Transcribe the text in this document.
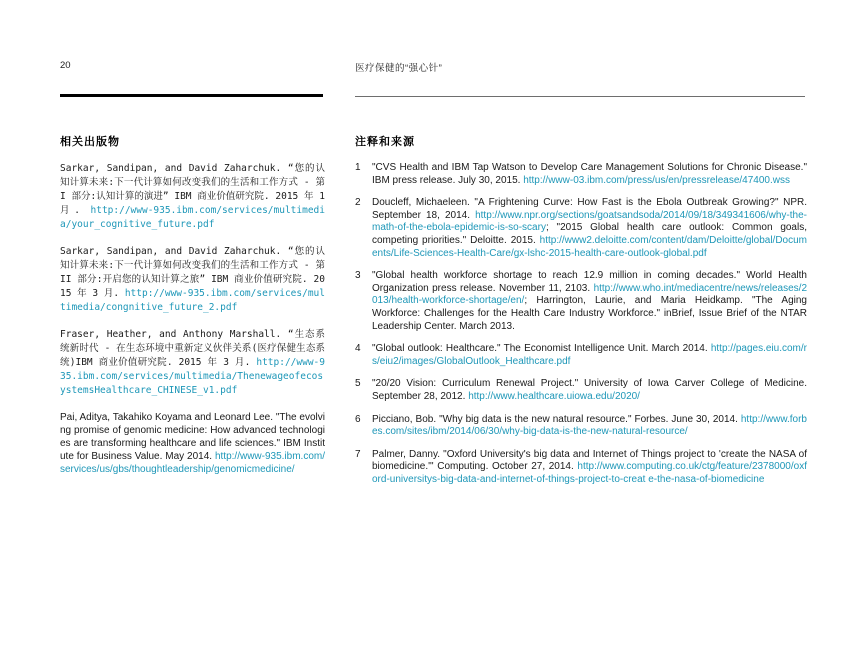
20	医疗保健的“强心针”
相关出版物

Sarkar, Sandipan, and David Zaharchuk. “您的认知计算未来:下一代计算如何改变我们的生活和工作方式 - 第 I 部分:认知计算的演进” IBM 商业价值研究院. 2015 年 1 月. http://www-935.ibm.com/services/multimedia/your_cognitive_future.pdf

Sarkar, Sandipan, and David Zaharchuk. “您的认知计算未来:下一代计算如何改变我们的生活和工作方式 - 第 II 部分:开启您的认知计算之旅” IBM 商业价值研究院. 2015 年 3 月. http://www-935.ibm.com/services/multimedia/congnitive_future_2.pdf

Fraser, Heather, and Anthony Marshall. “生态系统新时代 - 在生态环境中重新定义伙伴关系(医疗保健生态系统)IBM 商业价值研究院. 2015 年 3 月. http://www-935.ibm.com/services/multimedia/ThenewageofecosystemsHealthcare_CHINESE_v1.pdf

Pai, Aditya, Takahiko Koyama and Leonard Lee. "The evolving promise of genomic medicine: How advanced technologies are transforming healthcare and life sciences." IBM Institute for Business Value. May 2014. http://www-935.ibm.com/services/us/gbs/thoughtleadership/genomicmedicine/

注释和来源
1	"CVS Health and IBM Tap Watson to Develop Care Management Solutions for Chronic Disease." IBM press release. July 30, 2015. http://www-03.ibm.com/press/us/en/pressrelease/47400.wss
2	Doucleff, Michaeleen. "A Frightening Curve: How Fast is the Ebola Outbreak Growing?" NPR. September 18, 2014. http://www.npr.org/sections/goatsandsoda/2014/09/18/349341606/why-the-math-of-the-ebola-epidemic-is-so-scary; "2015 Global health care outlook: Common goals, competing priorities." Deloitte. 2015. http://www2.deloitte.com/content/dam/Deloitte/global/Documents/Life-Sciences-Health-Care/gx-lshc-2015-health-care-outlook-global.pdf
3	"Global health workforce shortage to reach 12.9 million in coming decades." World Health Organization press release. November 11, 2103. http://www.who.int/mediacentre/news/releases/2013/health-workforce-shortage/en/; Harrington, Laurie, and Maria Heidkamp. "The Aging Workforce: Challenges for the Health Care Industry Workforce." inBrief, Issue Brief of the NTAR Leadership Center. March 2013.
4	"Global outlook: Healthcare." The Economist Intelligence Unit. March 2014. http://pages.eiu.com/rs/eiu2/images/GlobalOutlook_Healthcare.pdf
5	"20/20 Vision: Curriculum Renewal Project." University of Iowa Carver College of Medicine. September 28, 2012. http://www.healthcare.uiowa.edu/2020/
6	Picciano, Bob. "Why big data is the new natural resource." Forbes. June 30, 2014. http://www.forbes.com/sites/ibm/2014/06/30/why-big-data-is-the-new-natural-resource/
7	Palmer, Danny. "Oxford University's big data and Internet of Things project to 'create the NASA of biomedicine.'" Computing. October 27, 2014. http://www.computing.co.uk/ctg/feature/2378000/oxford-universitys-big-data-and-internet-of-things-project-to-creat e-the-nasa-of-biomedicine
